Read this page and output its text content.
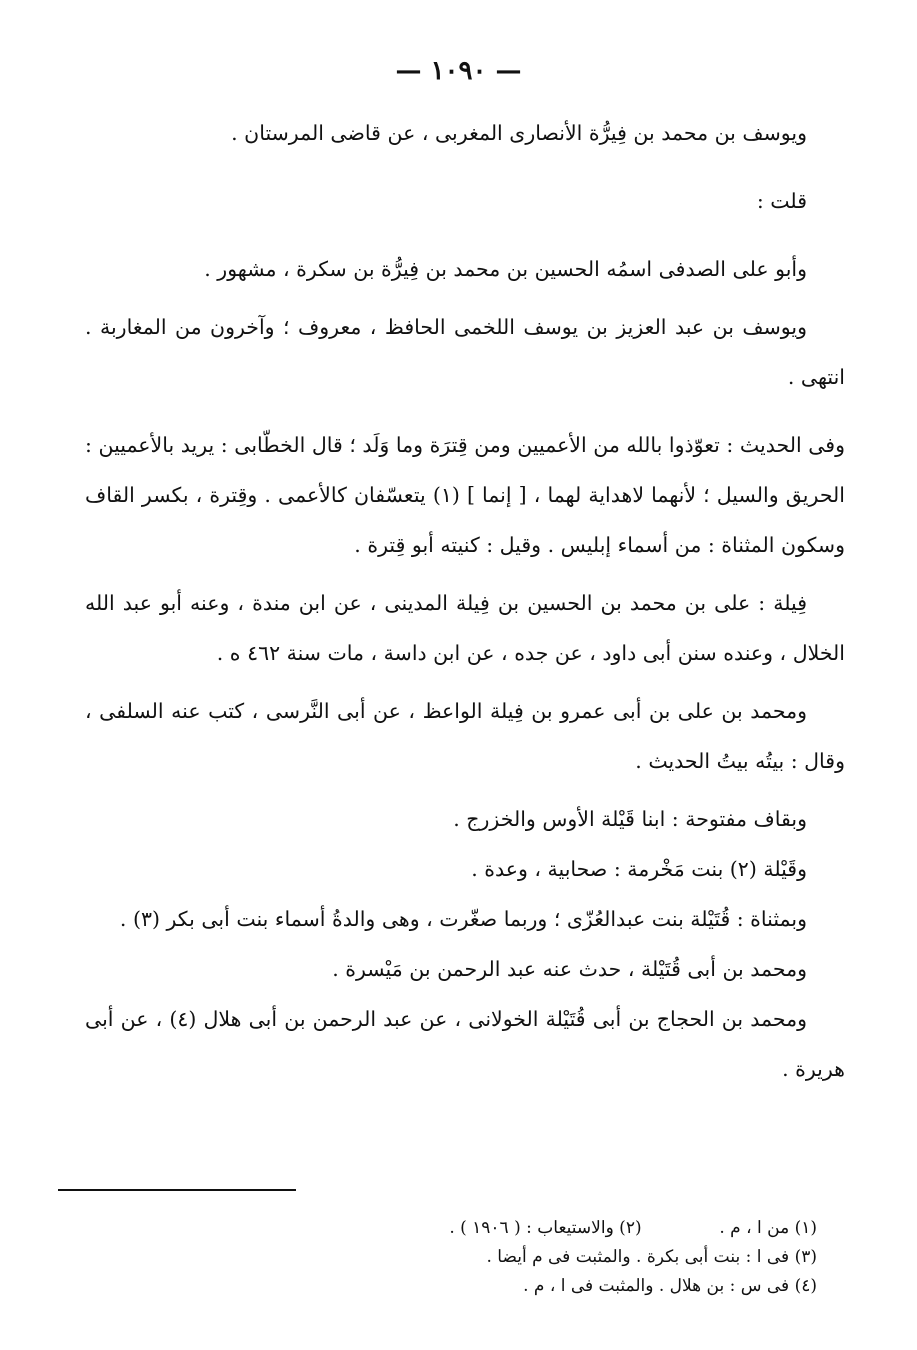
— ١٠٩٠ —

ويوسف بن محمد بن فِيرُّة الأنصارى المغربى ، عن قاضى المرستان .

قلت :

وأبو على الصدفى اسمُه الحسين بن محمد بن فِيرُّة بن سكرة ، مشهور .

ويوسف بن عبد العزيز بن يوسف اللخمى الحافظ ، معروف ؛ وآخرون من المغاربة . انتهى .

وفى الحديث : تعوّذوا بالله من الأعميين ومن قِترَة وما وَلَد ؛ قال الخطّابى : يريد بالأعميين : الحريق والسيل ؛ لأنهما لاهداية لهما ، [ إنما ] (١) يتعسّفان كالأعمى . وقِترة ، بكسر القاف وسكون المثناة : من أسماء إبليس . وقيل : كنيته أبو قِترة .

فِيلة : على بن محمد بن الحسين بن فِيلة المدينى ، عن ابن مندة ، وعنه أبو عبد الله الخلال ، وعنده سنن أبى داود ، عن جده ، عن ابن داسة ، مات سنة ٤٦٢ ه .

ومحمد بن على بن أبى عمرو بن فِيلة الواعظ ، عن أبى النَّرسى ، كتب عنه السلفى ، وقال : بيتُه بيتُ الحديث .

وبقاف مفتوحة : ابنا قَيْلة الأوس والخزرج .

وقَيْلة (٢) بنت مَخْرمة : صحابية ، وعدة .

وبمثناة : قُتَيْلة بنت عبدالعُزّى ؛ وربما صغّرت ، وهى والدةُ أسماء بنت أبى بكر (٣) .

ومحمد بن أبى قُتَيْلة ، حدث عنه عبد الرحمن بن مَيْسرة .

ومحمد بن الحجاج بن أبى قُتَيْلة الخولانى ، عن عبد الرحمن بن أبى هلال (٤) ، عن أبى هريرة .

(١) من ا ، م . (٢) والاستيعاب : ( ١٩٠٦ ) .

(٣) فى ا : بنت أبى بكرة . والمثبت فى م أيضا .

(٤) فى س : بن هلال . والمثبت فى ا ، م .
